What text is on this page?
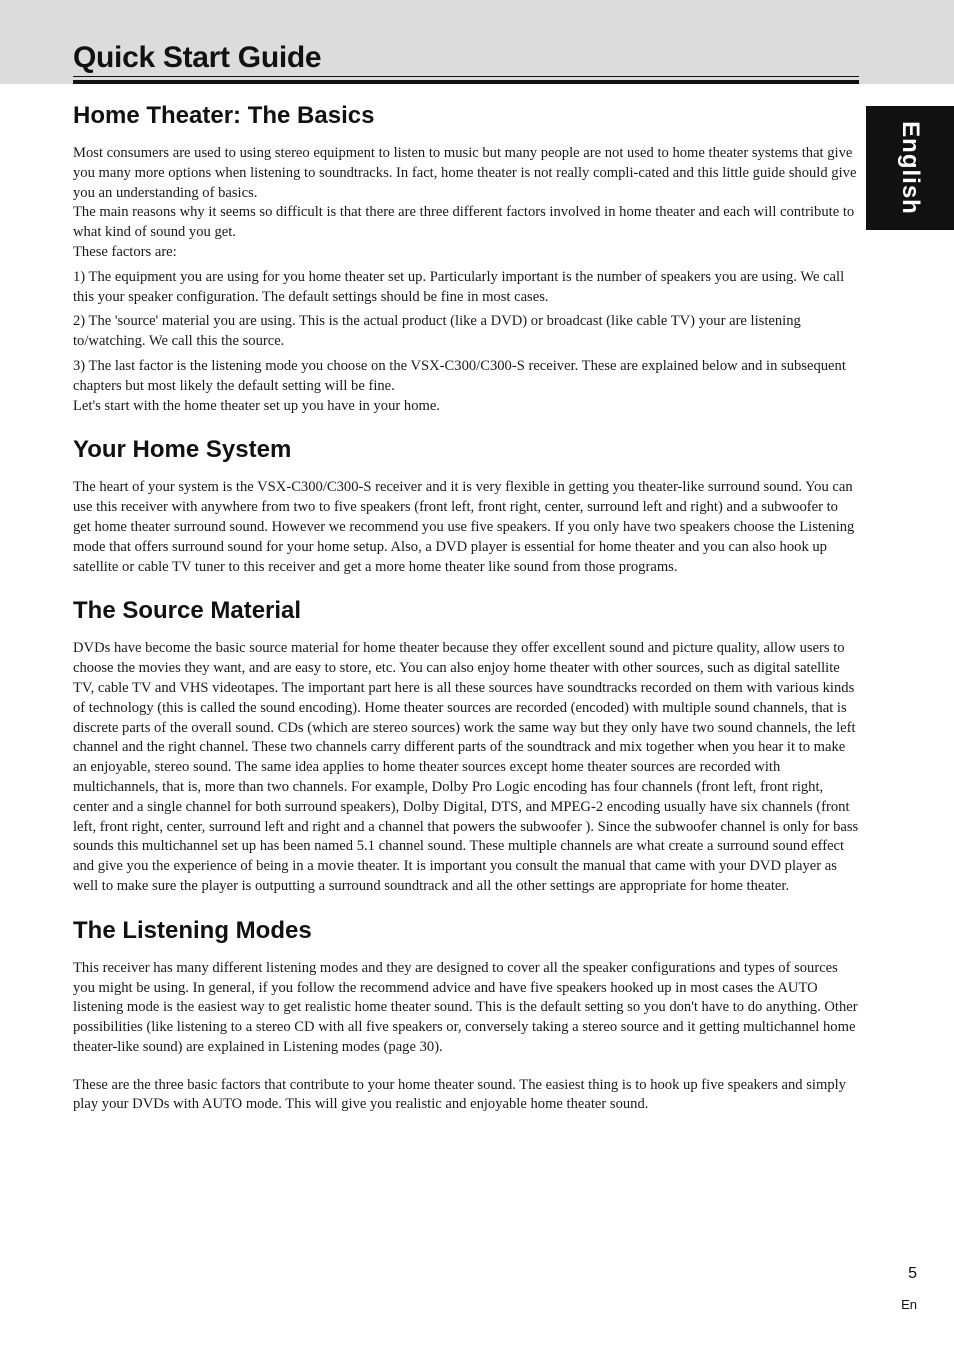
Quick Start Guide
English
Home Theater: The Basics

Most consumers are used to using stereo equipment to listen to music but many people are not used to home theater systems that give you many more options when listening to soundtracks. In fact, home theater is not really compli-cated and this little guide should give you an understanding of basics.

The main reasons why it seems so difficult is that there are three different factors involved in home theater and each will contribute to what kind of sound you get.

These factors are:

1) The equipment you are using for you home theater set up. Particularly important is the number of speakers you are using. We call this your speaker configuration. The default settings should be fine in most cases.

2) The 'source' material you are using. This is the actual product (like a DVD) or broadcast (like cable TV) your are listening to/watching. We call this the source.

3) The last factor is the listening mode you choose on the VSX-C300/C300-S receiver. These are explained below and in subsequent chapters but most likely the default setting will be fine.

Let's start with the home theater set up you have in your home.

Your Home System

The heart of your system is the VSX-C300/C300-S receiver and it is very flexible in getting you theater-like surround sound. You can use this receiver with anywhere from two to five speakers (front left, front right, center, surround left and right) and a subwoofer to get home theater surround sound. However we recommend you use five speakers. If you only have two speakers choose the Listening mode that offers surround sound for your home setup. Also, a DVD player is essential for home theater and you can also hook up satellite or cable TV tuner to this receiver and get a more home theater like sound from those programs.

The Source Material

DVDs have become the basic source material for home theater because they offer excellent sound and picture quality, allow users to choose the movies they want, and are easy to store, etc. You can also enjoy home theater with other sources, such as digital satellite TV, cable TV and VHS videotapes. The important part here is all these sources have soundtracks recorded on them with various kinds of technology (this is called the sound encoding). Home theater sources are recorded (encoded) with multiple sound channels, that is discrete parts of the overall sound. CDs (which are stereo sources) work the same way but they only have two sound channels, the left channel and the right channel. These two channels carry different parts of the soundtrack and mix together when you hear it to make an enjoyable, stereo sound. The same idea applies to home theater sources except home theater sources are recorded with multichannels, that is, more than two channels. For example, Dolby Pro Logic encoding has four channels (front left, front right, center and a single channel for both surround speakers), Dolby Digital, DTS, and MPEG-2 encoding usually have six channels (front left, front right, center, surround left and right and a channel that powers the subwoofer ). Since the subwoofer channel is only for bass sounds this multichannel set up has been named 5.1 channel sound. These multiple channels are what create a surround sound effect and give you the experience of being in a movie theater. It is important you consult the manual that came with your DVD player as well to make sure the player is outputting a surround soundtrack and all the other settings are appropriate for home theater.

The Listening Modes

This receiver has many different listening modes and they are designed to cover all the speaker configurations and types of sources you might be using. In general, if you follow the recommend advice and have five speakers hooked up in most cases the AUTO listening mode is the easiest way to get realistic home theater sound. This is the default setting so you don't have to do anything. Other possibilities (like listening to a stereo CD with all five speakers or, conversely taking a stereo source and it getting multichannel home theater-like sound) are explained in Listening modes (page 30).

These are the three basic factors that contribute to your home theater sound. The easiest thing is to hook up five speakers and simply play your DVDs with AUTO mode. This will give you realistic and enjoyable home theater sound.

5
En
